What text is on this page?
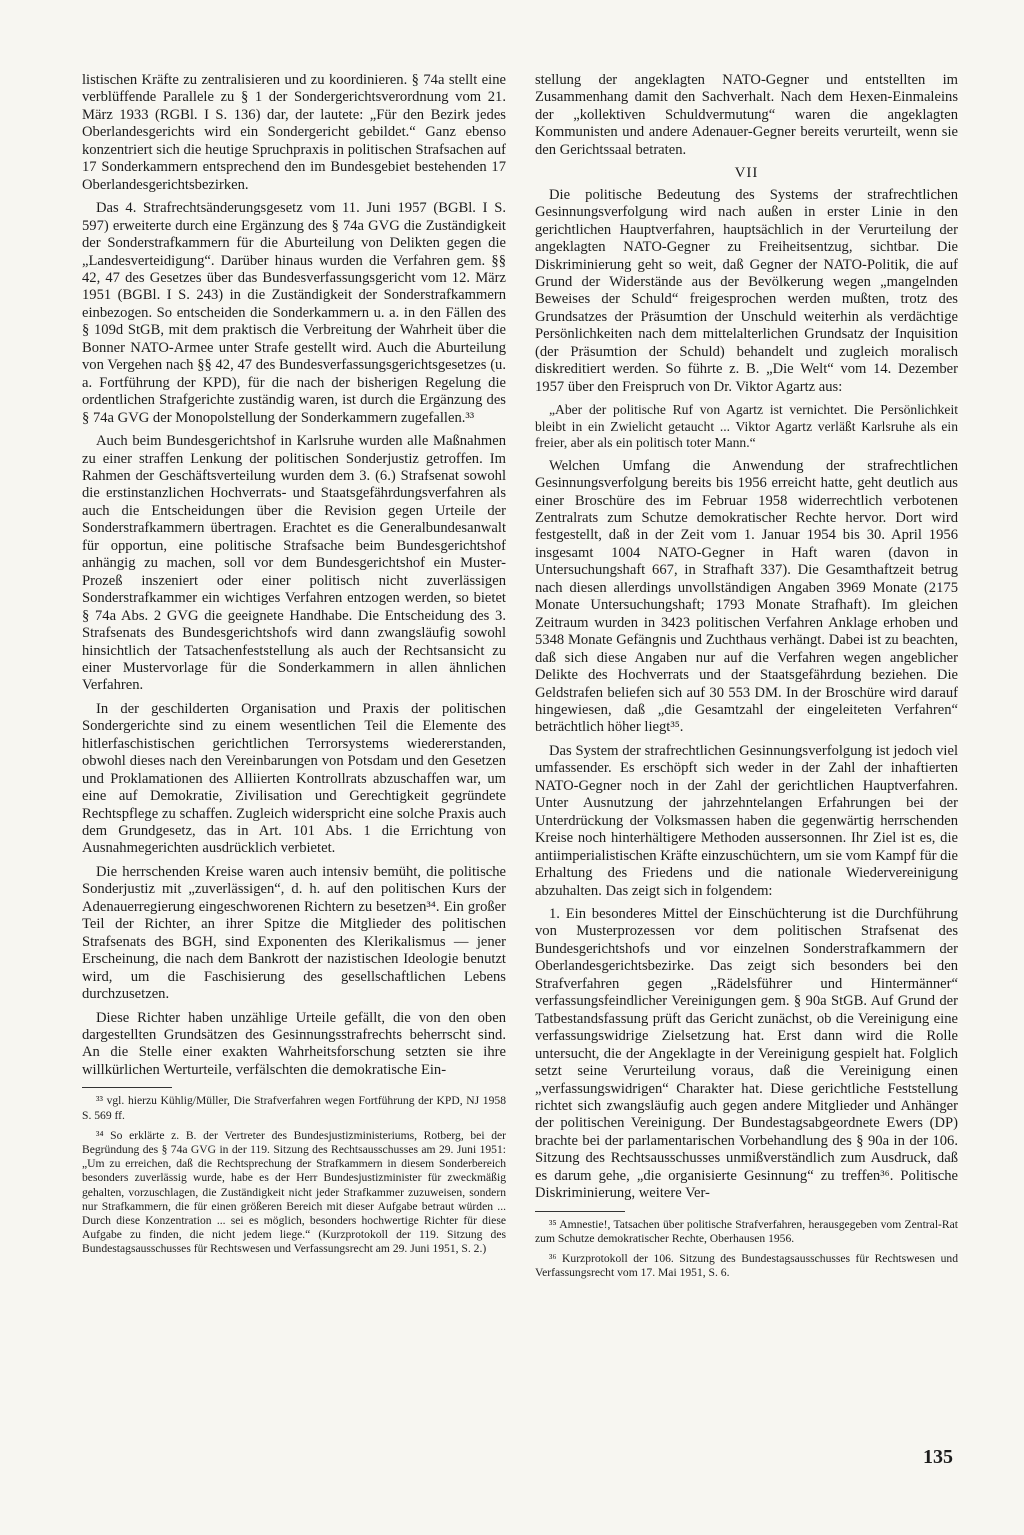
listischen Kräfte zu zentralisieren und zu koordinieren. § 74a stellt eine verblüffende Parallele zu § 1 der Sondergerichtsverordnung vom 21. März 1933 (RGBl. I S. 136) dar, der lautete: „Für den Bezirk jedes Oberlandesgerichts wird ein Sondergericht gebildet.“ Ganz ebenso konzentriert sich die heutige Spruchpraxis in politischen Strafsachen auf 17 Sonderkammern entsprechend den im Bundesgebiet bestehenden 17 Oberlandesgerichtsbezirken.

Das 4. Strafrechtsänderungsgesetz vom 11. Juni 1957 (BGBl. I S. 597) erweiterte durch eine Ergänzung des § 74a GVG die Zuständigkeit der Sonderstrafkammern für die Aburteilung von Delikten gegen die „Landesverteidigung“. Darüber hinaus wurden die Verfahren gem. §§ 42, 47 des Gesetzes über das Bundesverfassungsgericht vom 12. März 1951 (BGBl. I S. 243) in die Zuständigkeit der Sonderstrafkammern einbezogen. So entscheiden die Sonderkammern u. a. in den Fällen des § 109d StGB, mit dem praktisch die Verbreitung der Wahrheit über die Bonner NATO-Armee unter Strafe gestellt wird. Auch die Aburteilung von Vergehen nach §§ 42, 47 des Bundesverfassungsgerichtsgesetzes (u. a. Fortführung der KPD), für die nach der bisherigen Regelung die ordentlichen Strafgerichte zuständig waren, ist durch die Ergänzung des § 74a GVG der Monopolstellung der Sonderkammern zugefallen.³³

Auch beim Bundesgerichtshof in Karlsruhe wurden alle Maßnahmen zu einer straffen Lenkung der politischen Sonderjustiz getroffen. Im Rahmen der Geschäftsverteilung wurden dem 3. (6.) Strafsenat sowohl die erstinstanzlichen Hochverrats- und Staatsgefährdungsverfahren als auch die Entscheidungen über die Revision gegen Urteile der Sonderstrafkammern übertragen. Erachtet es die Generalbundesanwalt für opportun, eine politische Strafsache beim Bundesgerichtshof anhängig zu machen, soll vor dem Bundesgerichtshof ein Muster-Prozeß inszeniert oder einer politisch nicht zuverlässigen Sonderstrafkammer ein wichtiges Verfahren entzogen werden, so bietet § 74a Abs. 2 GVG die geeignete Handhabe. Die Entscheidung des 3. Strafsenats des Bundesgerichtshofs wird dann zwangsläufig sowohl hinsichtlich der Tatsachenfeststellung als auch der Rechtsansicht zu einer Mustervorlage für die Sonderkammern in allen ähnlichen Verfahren.

In der geschilderten Organisation und Praxis der politischen Sondergerichte sind zu einem wesentlichen Teil die Elemente des hitlerfaschistischen gerichtlichen Terrorsystems wiedererstanden, obwohl dieses nach den Vereinbarungen von Potsdam und den Gesetzen und Proklamationen des Alliierten Kontrollrats abzuschaffen war, um eine auf Demokratie, Zivilisation und Gerechtigkeit gegründete Rechtspflege zu schaffen. Zugleich widerspricht eine solche Praxis auch dem Grundgesetz, das in Art. 101 Abs. 1 die Errichtung von Ausnahmegerichten ausdrücklich verbietet.

Die herrschenden Kreise waren auch intensiv bemüht, die politische Sonderjustiz mit „zuverlässigen“, d. h. auf den politischen Kurs der Adenauerregierung eingeschworenen Richtern zu besetzen³⁴. Ein großer Teil der Richter, an ihrer Spitze die Mitglieder des politischen Strafsenats des BGH, sind Exponenten des Klerikalismus — jener Erscheinung, die nach dem Bankrott der nazistischen Ideologie benutzt wird, um die Faschisierung des gesellschaftlichen Lebens durchzusetzen.

Diese Richter haben unzählige Urteile gefällt, die von den oben dargestellten Grundsätzen des Gesinnungsstrafrechts beherrscht sind. An die Stelle einer exakten Wahrheitsforschung setzten sie ihre willkürlichen Werturteile, verfälschten die demokratische Ein-

³³ vgl. hierzu Kühlig/Müller, Die Strafverfahren wegen Fortführung der KPD, NJ 1958 S. 569 ff.

³⁴ So erklärte z. B. der Vertreter des Bundesjustizministeriums, Rotberg, bei der Begründung des § 74a GVG in der 119. Sitzung des Rechtsausschusses am 29. Juni 1951: „Um zu erreichen, daß die Rechtsprechung der Strafkammern in diesem Sonderbereich besonders zuverlässig wurde, habe es der Herr Bundesjustizminister für zweckmäßig gehalten, vorzuschlagen, die Zuständigkeit nicht jeder Strafkammer zuzuweisen, sondern nur Strafkammern, die für einen größeren Bereich mit dieser Aufgabe betraut würden ... Durch diese Konzentration ... sei es möglich, besonders hochwertige Richter für diese Aufgabe zu finden, die nicht jedem liege.“ (Kurzprotokoll der 119. Sitzung des Bundestagsausschusses für Rechtswesen und Verfassungsrecht am 29. Juni 1951, S. 2.)

stellung der angeklagten NATO-Gegner und entstellten im Zusammenhang damit den Sachverhalt. Nach dem Hexen-Einmaleins der „kollektiven Schuldvermutung“ waren die angeklagten Kommunisten und andere Adenauer-Gegner bereits verurteilt, wenn sie den Gerichtssaal betraten.

VII

Die politische Bedeutung des Systems der strafrechtlichen Gesinnungsverfolgung wird nach außen in erster Linie in den gerichtlichen Hauptverfahren, hauptsächlich in der Verurteilung der angeklagten NATO-Gegner zu Freiheitsentzug, sichtbar. Die Diskriminierung geht so weit, daß Gegner der NATO-Politik, die auf Grund der Widerstände aus der Bevölkerung wegen „mangelnden Beweises der Schuld“ freigesprochen werden mußten, trotz des Grundsatzes der Präsumtion der Unschuld weiterhin als verdächtige Persönlichkeiten nach dem mittelalterlichen Grundsatz der Inquisition (der Präsumtion der Schuld) behandelt und zugleich moralisch diskreditiert werden. So führte z. B. „Die Welt“ vom 14. Dezember 1957 über den Freispruch von Dr. Viktor Agartz aus:

„Aber der politische Ruf von Agartz ist vernichtet. Die Persönlichkeit bleibt in ein Zwielicht getaucht ... Viktor Agartz verläßt Karlsruhe als ein freier, aber als ein politisch toter Mann.“

Welchen Umfang die Anwendung der strafrechtlichen Gesinnungsverfolgung bereits bis 1956 erreicht hatte, geht deutlich aus einer Broschüre des im Februar 1958 widerrechtlich verbotenen Zentralrats zum Schutze demokratischer Rechte hervor. Dort wird festgestellt, daß in der Zeit vom 1. Januar 1954 bis 30. April 1956 insgesamt 1004 NATO-Gegner in Haft waren (davon in Untersuchungshaft 667, in Strafhaft 337). Die Gesamthaftzeit betrug nach diesen allerdings unvollständigen Angaben 3969 Monate (2175 Monate Untersuchungshaft; 1793 Monate Strafhaft). Im gleichen Zeitraum wurden in 3423 politischen Verfahren Anklage erhoben und 5348 Monate Gefängnis und Zuchthaus verhängt. Dabei ist zu beachten, daß sich diese Angaben nur auf die Verfahren wegen angeblicher Delikte des Hochverrats und der Staatsgefährdung beziehen. Die Geldstrafen beliefen sich auf 30 553 DM. In der Broschüre wird darauf hingewiesen, daß „die Gesamtzahl der eingeleiteten Verfahren“ beträchtlich höher liegt³⁵.

Das System der strafrechtlichen Gesinnungsverfolgung ist jedoch viel umfassender. Es erschöpft sich weder in der Zahl der inhaftierten NATO-Gegner noch in der Zahl der gerichtlichen Hauptverfahren. Unter Ausnutzung der jahrzehntelangen Erfahrungen bei der Unterdrückung der Volksmassen haben die gegenwärtig herrschenden Kreise noch hinterhältigere Methoden aussersonnen. Ihr Ziel ist es, die antiimperialistischen Kräfte einzuschüchtern, um sie vom Kampf für die Erhaltung des Friedens und die nationale Wiedervereinigung abzuhalten. Das zeigt sich in folgendem:

1. Ein besonderes Mittel der Einschüchterung ist die Durchführung von Musterprozessen vor dem politischen Strafsenat des Bundesgerichtshofs und vor einzelnen Sonderstrafkammern der Oberlandesgerichtsbezirke. Das zeigt sich besonders bei den Strafverfahren gegen „Rädelsführer und Hintermänner“ verfassungsfeindlicher Vereinigungen gem. § 90a StGB. Auf Grund der Tatbestandsfassung prüft das Gericht zunächst, ob die Vereinigung eine verfassungswidrige Zielsetzung hat. Erst dann wird die Rolle untersucht, die der Angeklagte in der Vereinigung gespielt hat. Folglich setzt seine Verurteilung voraus, daß die Vereinigung einen „verfassungswidrigen“ Charakter hat. Diese gerichtliche Feststellung richtet sich zwangsläufig auch gegen andere Mitglieder und Anhänger der politischen Vereinigung. Der Bundestagsabgeordnete Ewers (DP) brachte bei der parlamentarischen Vorbehandlung des § 90a in der 106. Sitzung des Rechtsausschusses unmißverständlich zum Ausdruck, daß es darum gehe, „die organisierte Gesinnung“ zu treffen³⁶. Politische Diskriminierung, weitere Ver-

³⁵ Amnestie!, Tatsachen über politische Strafverfahren, herausgegeben vom Zentral-Rat zum Schutze demokratischer Rechte, Oberhausen 1956.

³⁶ Kurzprotokoll der 106. Sitzung des Bundestagsausschusses für Rechtswesen und Verfassungsrecht vom 17. Mai 1951, S. 6.

135
